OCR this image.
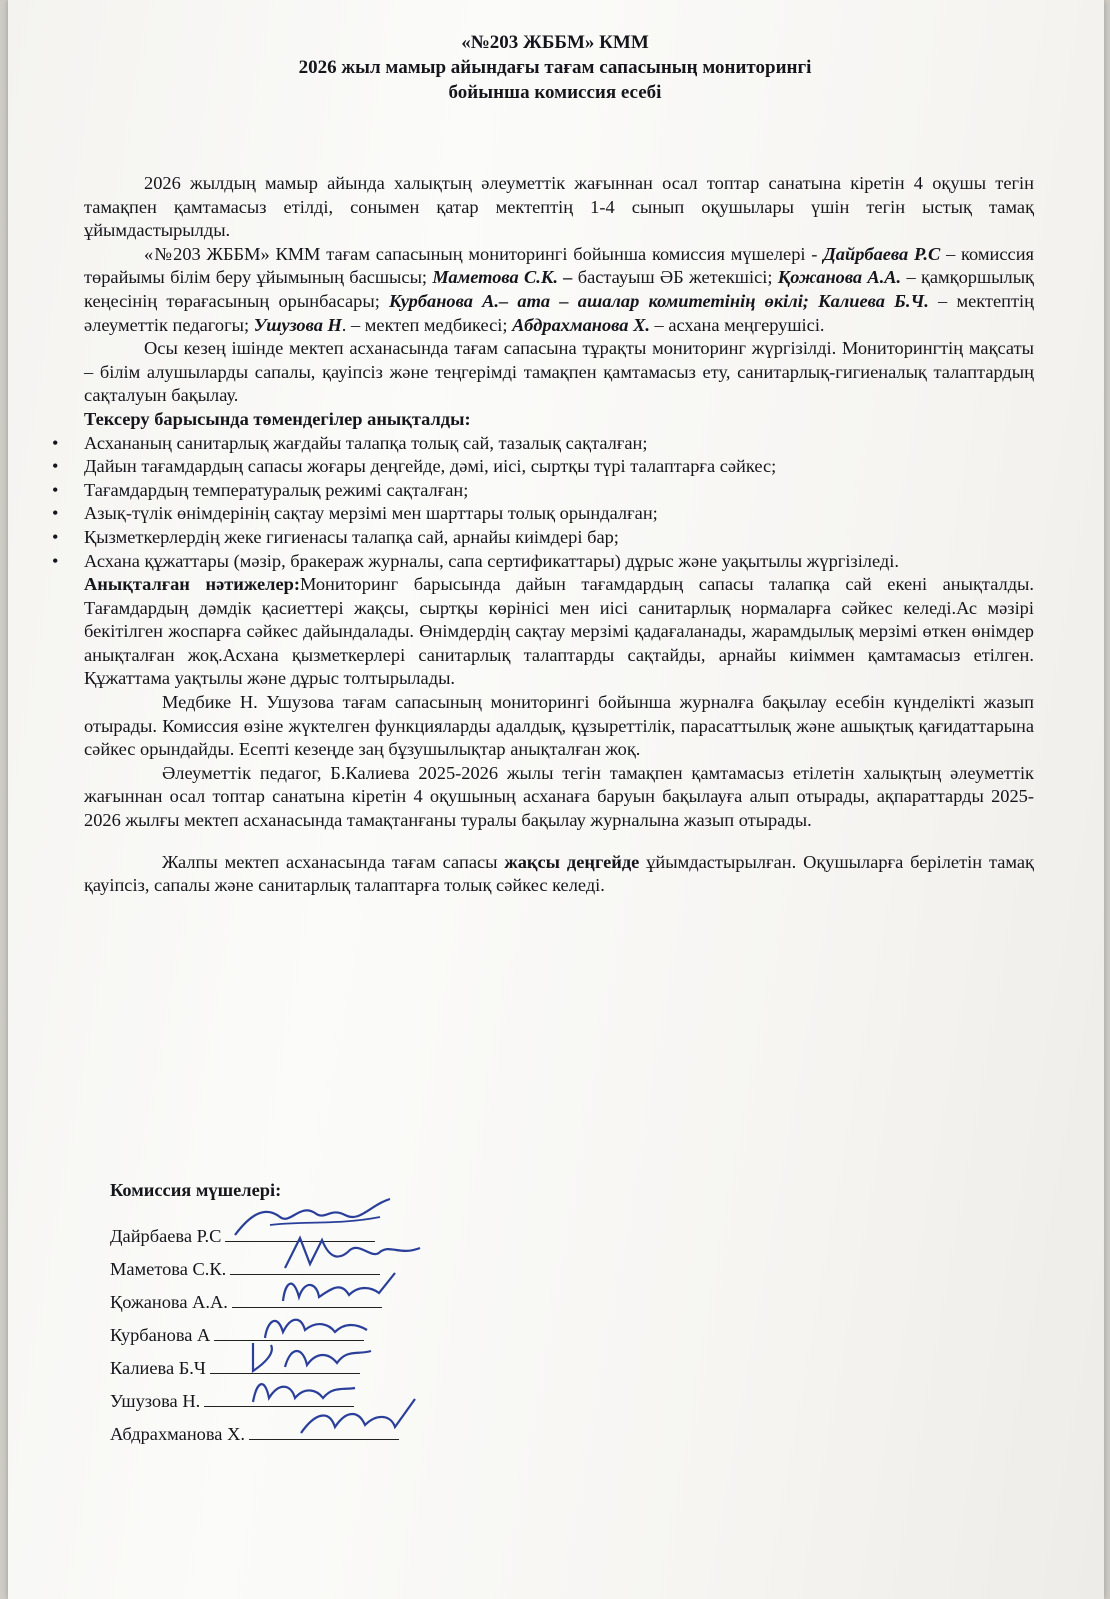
«№203 ЖББМ» КММ
2026 жыл мамыр айындағы тағам сапасының мониторингі
бойынша комиссия есебі

2026 жылдың мамыр айында халықтың әлеуметтік жағыннан осал топтар санатына кіретін 4 оқушы тегін тамақпен қамтамасыз етілді, сонымен қатар мектептің 1-4 сынып оқушылары үшін тегін ыстық тамақ ұйымдастырылды.

«№203 ЖББМ» КММ тағам сапасының мониторингі бойынша комиссия мүшелері - Дайрбаева Р.С – комиссия төрайымы білім беру ұйымының басшысы; Маметова С.К. – бастауыш ӘБ жетекшісі; Қожанова А.А. – қамқоршылық кеңесінің төрағасының орынбасары; Курбанова А.– ата – ашалар комитетінің өкілі; Калиева Б.Ч. – мектептің әлеуметтік педагогы; Ушузова Н. – мектеп медбикесі; Абдрахманова Х. – асхана меңгерушісі.

Осы кезең ішінде мектеп асханасында тағам сапасына тұрақты мониторинг жүргізілді. Мониторингтің мақсаты – білім алушыларды сапалы, қауіпсіз және теңгерімді тамақпен қамтамасыз ету, санитарлық-гигиеналық талаптардың сақталуын бақылау.

Тексеру барысында төмендегілер анықталды:

• Асхананың санитарлық жағдайы талапқа толық сай, тазалық сақталған;
• Дайын тағамдардың сапасы жоғары деңгейде, дәмі, иісі, сыртқы түрі талаптарға сәйкес;
• Тағамдардың температуралық режимі сақталған;
• Азық-түлік өнімдерінің сақтау мерзімі мен шарттары толық орындалған;
• Қызметкерлердің жеке гигиенасы талапқа сай, арнайы киімдері бар;
• Асхана құжаттары (мәзір, бракераж журналы, сапа сертификаттары) дұрыс және уақытылы жүргізіледі.

Анықталған нәтижелер:Мониторинг барысында дайын тағамдардың сапасы талапқа сай екені анықталды. Тағамдардың дәмдік қасиеттері жақсы, сыртқы көрінісі мен иісі санитарлық нормаларға сәйкес келеді.Ас мәзірі бекітілген жоспарға сәйкес дайындалады. Өнімдердің сақтау мерзімі қадағаланады, жарамдылық мерзімі өткен өнімдер анықталған жоқ.Асхана қызметкерлері санитарлық талаптарды сақтайды, арнайы киіммен қамтамасыз етілген. Құжаттама уақтылы және дұрыс толтырылады.

Медбике Н. Ушузова тағам сапасының мониторингі бойынша журналға бақылау есебін күнделікті жазып отырады. Комиссия өзіне жүктелген функцияларды адалдық, құзыреттілік, парасаттылық және ашықтық қағидаттарына сәйкес орындайды. Есепті кезеңде заң бұзушылықтар анықталған жоқ.

Әлеуметтік педагог, Б.Калиева 2025-2026 жылы тегін тамақпен қамтамасыз етілетін халықтың әлеуметтік жағыннан осал топтар санатына кіретін 4 оқушының асханаға баруын бақылауға алып отырады, ақпараттарды 2025-2026 жылғы мектеп асханасында тамақтанғаны туралы бақылау журналына жазып отырады.

Жалпы мектеп асханасында тағам сапасы жақсы деңгейде ұйымдастырылған. Оқушыларға берілетін тамақ қауіпсіз, сапалы және санитарлық талаптарға толық сәйкес келеді.

Комиссия мүшелері:
Дайрбаева Р.С
Маметова С.К.
Қожанова А.А.
Курбанова А
Калиева Б.Ч
Ушузова Н.
Абдрахманова Х.
